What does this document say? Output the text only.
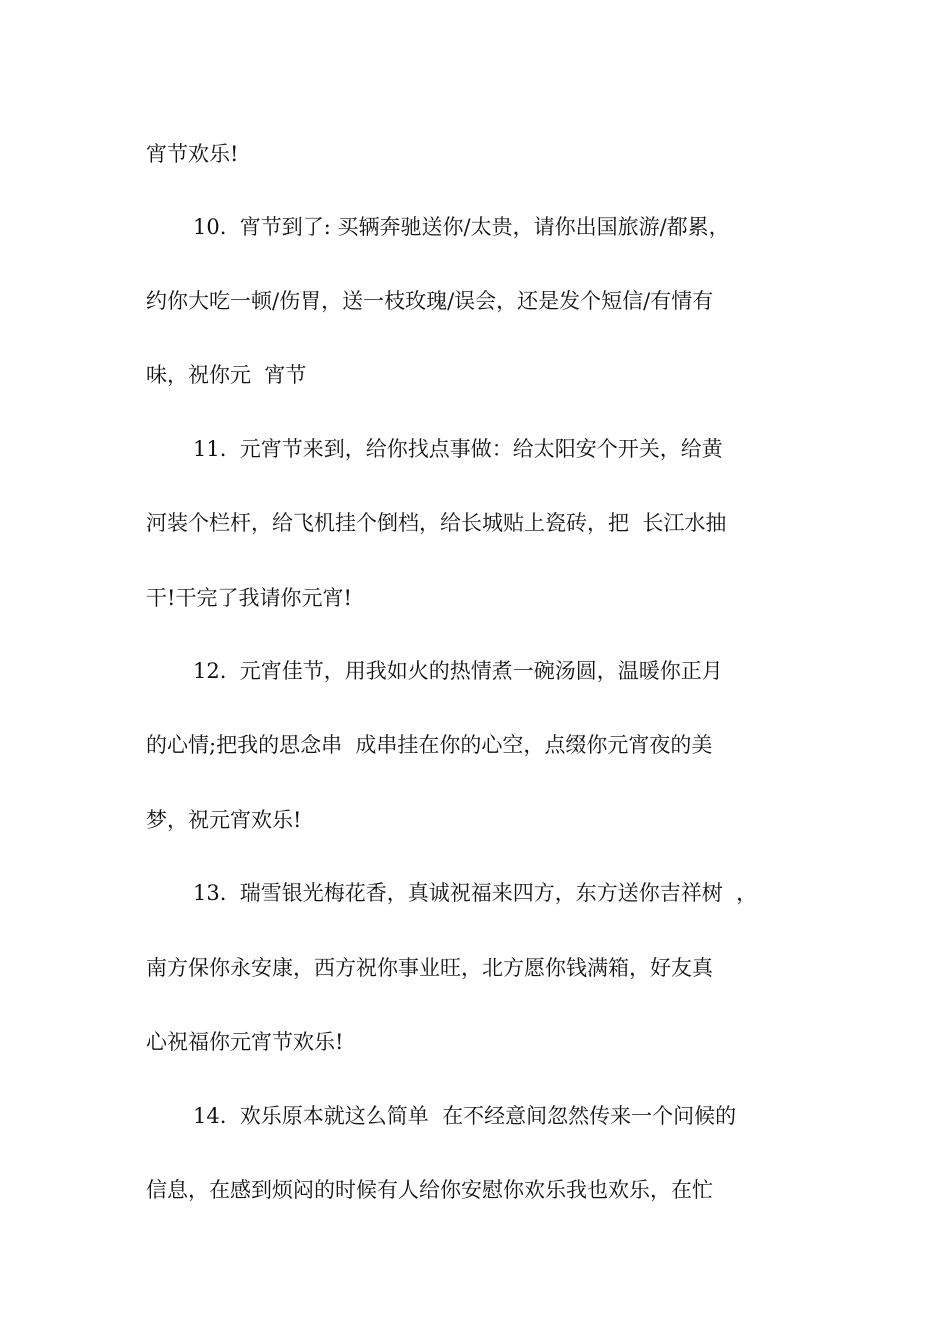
宵节欢乐!
10.  宵节到了: 买辆奔驰送你/太贵，请你出国旅游/都累，
约你大吃一顿/伤胃，送一枝玫瑰/误会，还是发个短信/有情有
味，祝你元  宵节
11.  元宵节来到，给你找点事做：给太阳安个开关，给黄
河装个栏杆，给飞机挂个倒档，给长城贴上瓷砖，把  长江水抽
干!干完了我请你元宵!
12.  元宵佳节，用我如火的热情煮一碗汤圆，温暖你正月
的心情;把我的思念串  成串挂在你的心空，点缀你元宵夜的美
梦，祝元宵欢乐!
13.  瑞雪银光梅花香，真诚祝福来四方，东方送你吉祥树  ，
南方保你永安康，西方祝你事业旺，北方愿你钱满箱，好友真
心祝福你元宵节欢乐!
14.  欢乐原本就这么简单  在不经意间忽然传来一个问候的
信息，在感到烦闷的时候有人给你安慰你欢乐我也欢乐，在忙
